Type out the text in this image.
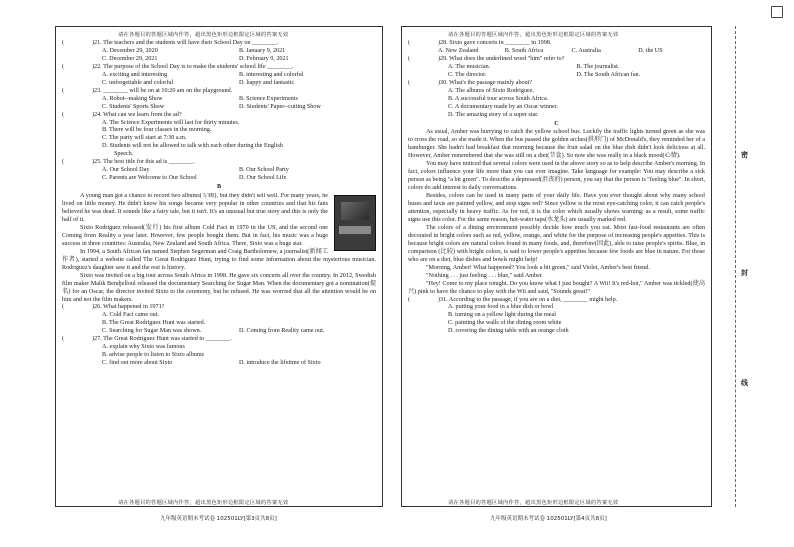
请在各题目的答题区域内作答，超出黑色矩形边框限定区域的答案无效	请在各题目的答题区域内作答，超出黑色矩形边框限定区域的答案无效
请在各题目的答题区域内作答，超出黑色矩形边框限定区域的答案无效	请在各题目的答题区域内作答，超出黑色矩形边框限定区域的答案无效
密
封
线
(	)21. The teachers and the students will have their School Day on ________.
A. December 29, 2020	B. January 9, 2021
C. December 29, 2021	D. February 9, 2021
(	)22. The purpose of the School Day is to make the students' school life ________.
A. exciting and interesting	B. interesting and colorful
C. unforgettable and colorful	D. happy and fantastic
(	)23. ________ will be on at 10:20 am on the playground.
A. Robot--making Show	B. Science Experiments
C. Students' Sports Show	D. Students' Paper--cutting Show
(	)24. What can we learn from the ad?
A. The Science Experiments will last for thirty minutes.
B. There will be four classes in the morning.
C. The party will start at 7:30 a.m.
D. Students will not be allowed to talk with each other during the English
Speech.
(	)25. The best title for this ad is ________.
A. Our School Day	B. Our School Party
C. Parents are Welcome to Our School	D. Our School Life
B
A young man got a chance to record two albums(专辑), but they didn't sell well. For many years, he lived on little money. He didn't know his songs became very popular in other countries and that his fans believed he was dead. It sounds like a fairy tale, but it isn't. It's an unusual but true story and this is only the half of it.
Sixto Rodriguez released(发行) his first album Cold Fact in 1970 in the US, and the second one Coming from Reality a year later. However, few people bought them. But in fact, his music was a huge success in three countries: Australia, New Zealand and South Africa. There, Sixto was a huge star.
In 1994, a South African fan named Stephen Segerman and Craig Bartholomew, a journalist(新闻工作者), started a website called The Great Rodriguez Hunt, trying to find some information about the mysterious musician. Rodriguez's daughter saw it and the rest is history.
Sixto was invited on a big tour across South Africa in 1998. He gave six concerts all over the country. In 2012, Swedish film maker Malik Bendjelloul released the documentary Searching for Sugar Man. When the documentary got a nomination(提名) for an Oscar, the director invited Sixto to the ceremony, but he refused. He was worried that all the attention would be on him and not the film makers.
(	)26. What happened in 1971?
A. Cold Fact came out.
B. The Great Rodriguez Hunt was started.
C. Searching for Sugar Man was shown.	D. Coming from Reality came out.
(	)27. The Great Rodriguez Hunt was started to ________.
A. explain why Sixto was famous
B. advise people to listen to Sixto albums
C. find out more about Sixto	D. introduce the lifetime of Sixto
(	)28. Sixto gave concerts in ________ in 1998.
A. New Zealand	B. South Africa	C. Australia	D. the US
(	)29. What does the underlined word "him" refer to?
A. The musician.	B. The journalist.
C. The director.	D. The South African fan.
(	)30. What's the passage mainly about?
A. The albums of Sixto Rodriguez.
B. A successful tour across South Africa.
C. A documentary made by an Oscar winner.
D. The amazing story of a super star.
C
As usual, Amber was hurrying to catch the yellow school bus. Luckily the traffic lights turned green as she was to cross the road, so she made it. When the bus passed the golden arches(拱形门) of McDonald's, they reminded her of a hamburger. She hadn't had breakfast that morning because the fruit salad on the blue dish didn't look delicious at all. However, Amber remembered that she was still on a diet(节食). So now she was really in a black mood(心情).
You may have noticed that several colors were used in the above story so as to help describe Amber's morning. In fact, colors influence your life more than you can ever imagine. Take language for example: You may describe a sick person as being "a bit green". To describe a depressed(沮丧的) person, you say that the person is "feeling blue". In short, colors do add interest to daily conversations.
Besides, colors can be used in many parts of your daily life. Have you ever thought about why many school buses and taxis are painted yellow, and stop signs red? Since yellow is the most eye-catching color, it can catch people's attention, especially in heavy traffic. As for red, it is the color which usually shows warning; as a result, some traffic signs use this color. For the same reason, hot-water taps(水龙头) are usually marked red.
The colors of a dining environment possibly decide how much you eat. Most fast-food restaurants are often decorated in bright colors such as red, yellow, orange, and white for the purpose of increasing people's appetites. This is because bright colors are natural colors found in many foods, and, therefore(因此), able to raise people's spirits. Blue, in comparison (比较) with bright colors, is said to lower people's appetites because few foods are blue in nature. For those who are on a diet, blue dishes and bowls might help!
"Morning, Amber! What happened? You look a bit green," said Violet, Amber's best friend.
"Nothing . . . just feeling . . . blue," said Amber.
"Hey! Come to my place tonight. Do you know what I just bought? A Wii! It's red-hot," Amber was tickled(使高兴) pink to have the chance to play with the Wii and said, "Sounds great!"
(	)31. According to the passage, if you are on a diet, ________ might help.
A. putting your food in a blue dish or bowl
B. turning on a yellow light during the meal
C. painting the walls of the dining room white
D. covering the dining table with an orange cloth
九年级英语期末考试卷 102501LY[第3页共8页]	九年级英语期末考试卷 102501LY[第4页共8页]
